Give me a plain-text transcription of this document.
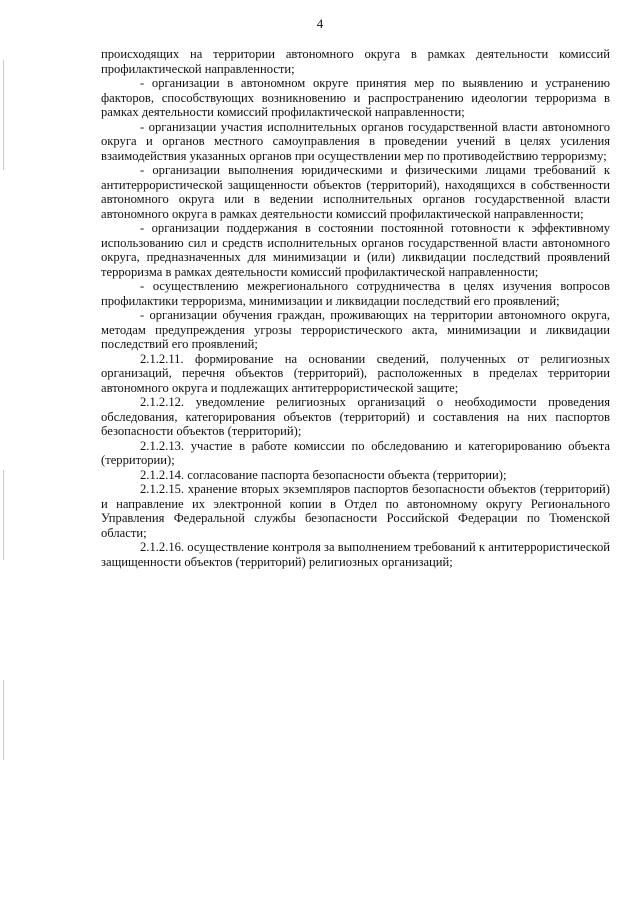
4

происходящих на территории автономного округа в рамках деятельности комиссий профилактической направленности;

- организации в автономном округе принятия мер по выявлению и устранению факторов, способствующих возникновению и распространению идеологии терроризма в рамках деятельности комиссий профилактической направленности;

- организации участия исполнительных органов государственной власти автономного округа и органов местного самоуправления в проведении учений в целях усиления взаимодействия указанных органов при осуществлении мер по противодействию терроризму;

- организации выполнения юридическими и физическими лицами требований к антитеррористической защищенности объектов (территорий), находящихся в собственности автономного округа или в ведении исполнительных органов государственной власти автономного округа в рамках деятельности комиссий профилактической направленности;

- организации поддержания в состоянии постоянной готовности к эффективному использованию сил и средств исполнительных органов государственной власти автономного округа, предназначенных для минимизации и (или) ликвидации последствий проявлений терроризма в рамках деятельности комиссий профилактической направленности;

- осуществлению межрегионального сотрудничества в целях изучения вопросов профилактики терроризма, минимизации и ликвидации последствий его проявлений;

- организации обучения граждан, проживающих на территории автономного округа, методам предупреждения угрозы террористического акта, минимизации и ликвидации последствий его проявлений;

2.1.2.11. формирование на основании сведений, полученных от религиозных организаций, перечня объектов (территорий), расположенных в пределах территории автономного округа и подлежащих антитеррористической защите;

2.1.2.12. уведомление религиозных организаций о необходимости проведения обследования, категорирования объектов (территорий) и составления на них паспортов безопасности объектов (территорий);

2.1.2.13. участие в работе комиссии по обследованию и категорированию объекта (территории);

2.1.2.14. согласование паспорта безопасности объекта (территории);

2.1.2.15. хранение вторых экземпляров паспортов безопасности объектов (территорий) и направление их электронной копии в Отдел по автономному округу Регионального Управления Федеральной службы безопасности Российской Федерации по Тюменской области;

2.1.2.16. осуществление контроля за выполнением требований к антитеррористической защищенности объектов (территорий) религиозных организаций;
